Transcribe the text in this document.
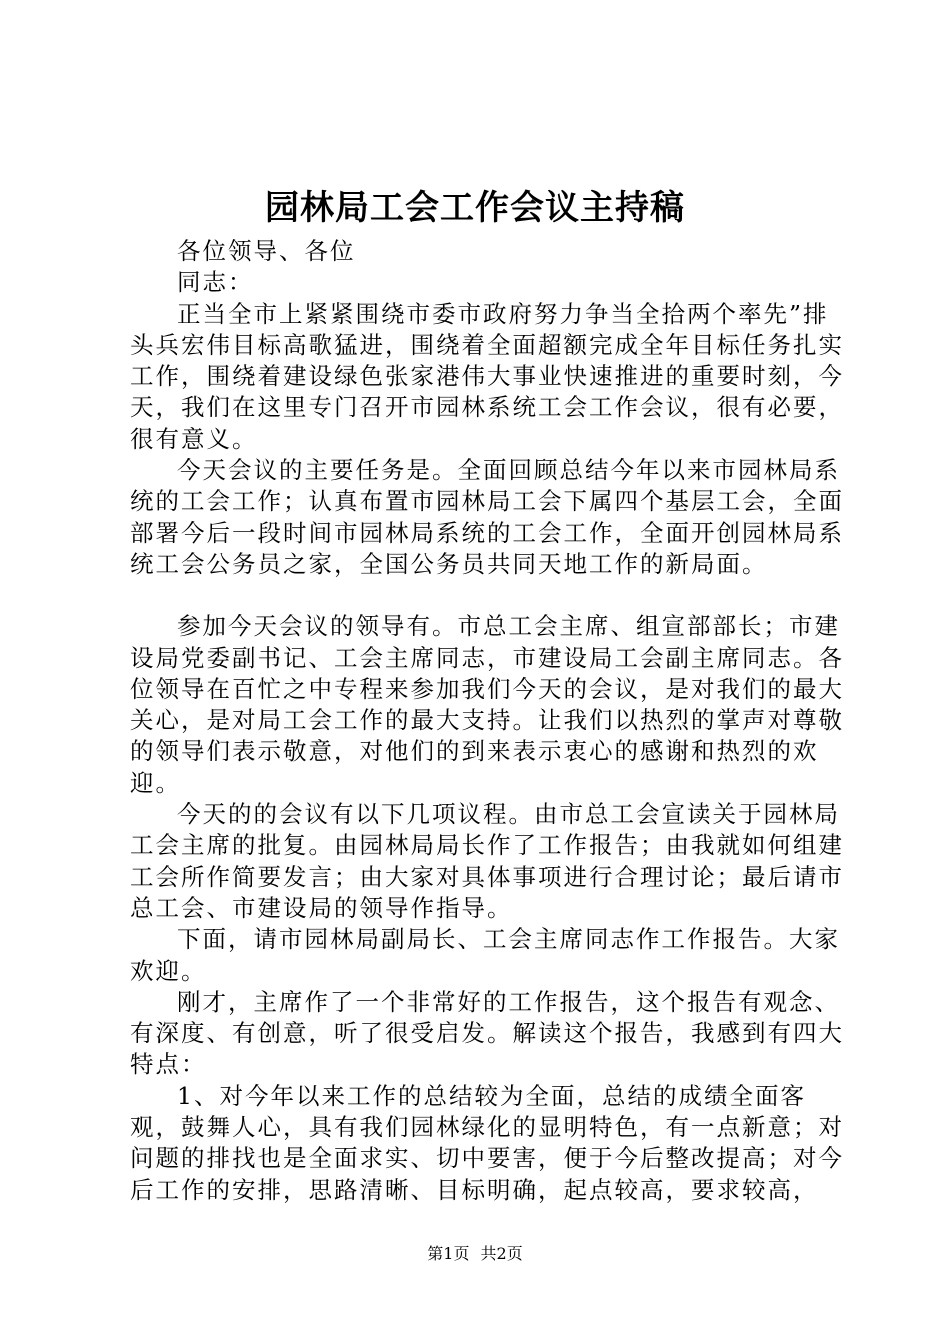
园林局工会工作会议主持稿

各位领导、各位

同志：

正当全市上紧紧围绕市委市政府努力争当全拾两个率先”排头兵宏伟目标高歌猛进，围绕着全面超额完成全年目标任务扎实工作，围绕着建设绿色张家港伟大事业快速推进的重要时刻，今天，我们在这里专门召开市园林系统工会工作会议，很有必要，很有意义。

今天会议的主要任务是。全面回顾总结今年以来市园林局系统的工会工作；认真布置市园林局工会下属四个基层工会，全面部署今后一段时间市园林局系统的工会工作，全面开创园林局系统工会公务员之家，全国公务员共同天地工作的新局面。

参加今天会议的领导有。市总工会主席、组宣部部长；市建设局党委副书记、工会主席同志，市建设局工会副主席同志。各位领导在百忙之中专程来参加我们今天的会议，是对我们的最大关心，是对局工会工作的最大支持。让我们以热烈的掌声对尊敬的领导们表示敬意，对他们的到来表示衷心的感谢和热烈的欢迎。

今天的的会议有以下几项议程。由市总工会宣读关于园林局工会主席的批复。由园林局局长作了工作报告；由我就如何组建工会所作简要发言；由大家对具体事项进行合理讨论；最后请市总工会、市建设局的领导作指导。

下面，请市园林局副局长、工会主席同志作工作报告。大家欢迎。

刚才，主席作了一个非常好的工作报告，这个报告有观念、有深度、有创意，听了很受启发。解读这个报告，我感到有四大特点：

1、对今年以来工作的总结较为全面，总结的成绩全面客观，鼓舞人心，具有我们园林绿化的显明特色，有一点新意；对问题的排找也是全面求实、切中要害，便于今后整改提高；对今后工作的安排，思路清晰、目标明确，起点较高，要求较高，

第1页 共2页
